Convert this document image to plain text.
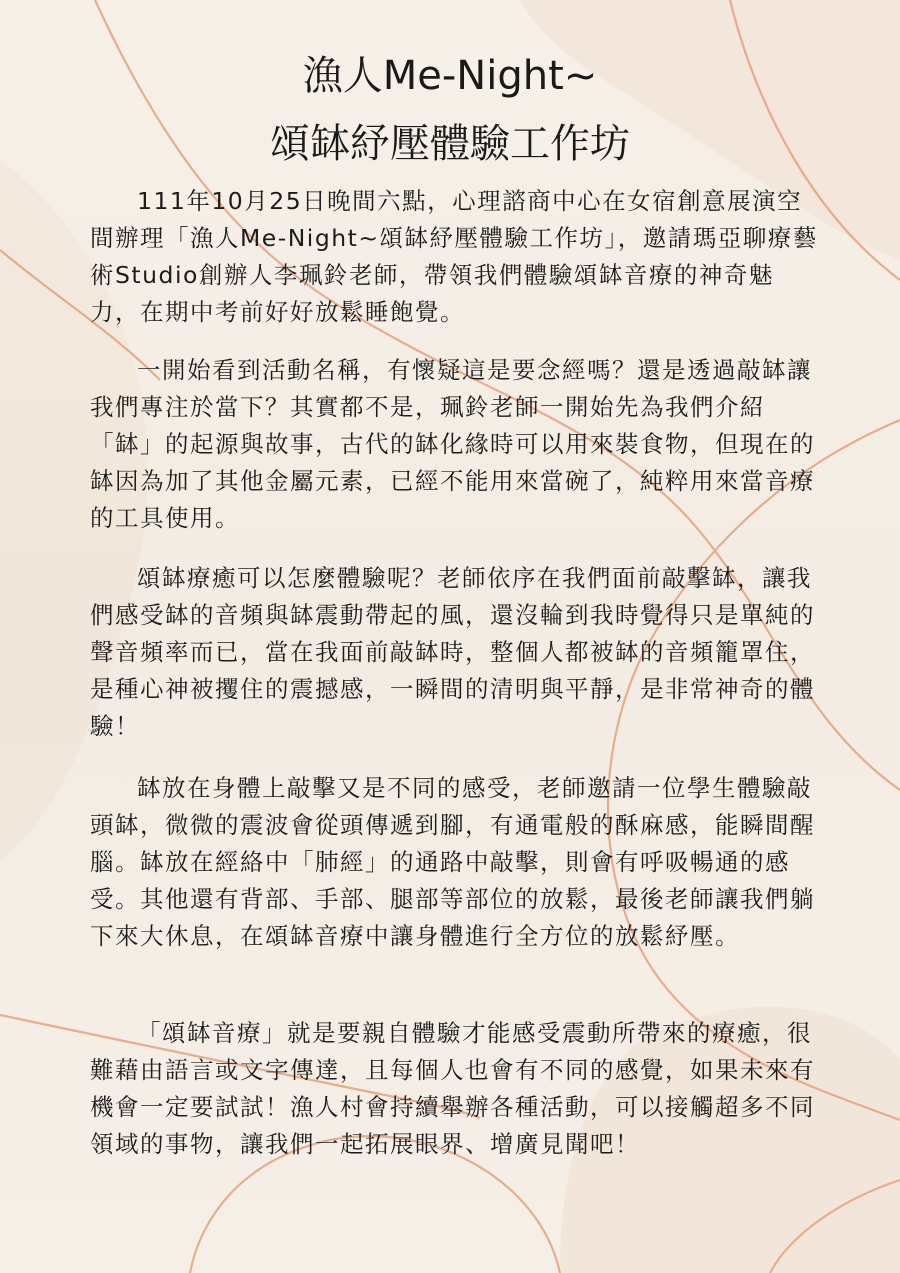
漁人Me-Night~
頌缽紓壓體驗工作坊

111年10月25日晚間六點，心理諮商中心在女宿創意展演空間辦理「漁人Me-Night~頌缽紓壓體驗工作坊」，邀請瑪亞聊療藝術Studio創辦人李珮鈴老師，帶領我們體驗頌缽音療的神奇魅力，在期中考前好好放鬆睡飽覺。

一開始看到活動名稱，有懷疑這是要念經嗎？還是透過敲缽讓我們專注於當下？其實都不是，珮鈴老師一開始先為我們介紹「缽」的起源與故事，古代的缽化緣時可以用來裝食物，但現在的缽因為加了其他金屬元素，已經不能用來當碗了，純粹用來當音療的工具使用。

頌缽療癒可以怎麼體驗呢？老師依序在我們面前敲擊缽，讓我們感受缽的音頻與缽震動帶起的風，還沒輪到我時覺得只是單純的聲音頻率而已，當在我面前敲缽時，整個人都被缽的音頻籠罩住，是種心神被攫住的震撼感，一瞬間的清明與平靜，是非常神奇的體驗！

缽放在身體上敲擊又是不同的感受，老師邀請一位學生體驗敲頭缽，微微的震波會從頭傳遞到腳，有通電般的酥麻感，能瞬間醒腦。缽放在經絡中「肺經」的通路中敲擊，則會有呼吸暢通的感受。其他還有背部、手部、腿部等部位的放鬆，最後老師讓我們躺下來大休息，在頌缽音療中讓身體進行全方位的放鬆紓壓。

「頌缽音療」就是要親自體驗才能感受震動所帶來的療癒，很難藉由語言或文字傳達，且每個人也會有不同的感覺，如果未來有機會一定要試試！漁人村會持續舉辦各種活動，可以接觸超多不同領域的事物，讓我們一起拓展眼界、增廣見聞吧！
